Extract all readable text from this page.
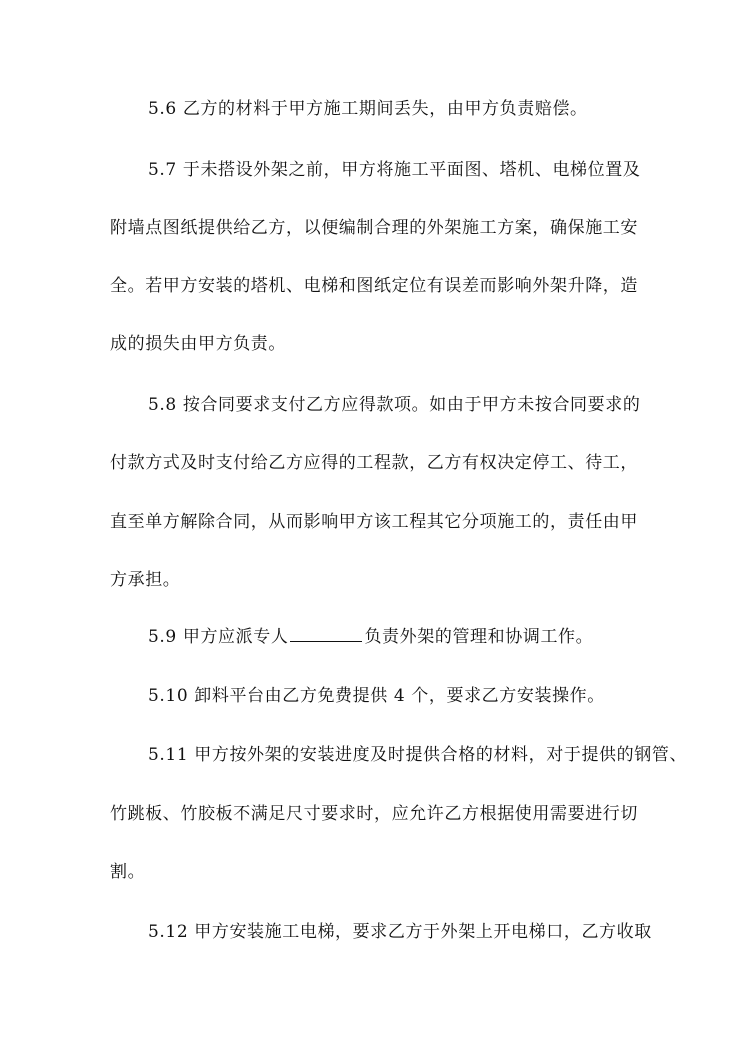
5.6 乙方的材料于甲方施工期间丢失，由甲方负责赔偿。
5.7 于未搭设外架之前，甲方将施工平面图、塔机、电梯位置及
附墙点图纸提供给乙方，以便编制合理的外架施工方案，确保施工安
全。若甲方安装的塔机、电梯和图纸定位有误差而影响外架升降，造
成的损失由甲方负责。
5.8 按合同要求支付乙方应得款项。如由于甲方未按合同要求的
付款方式及时支付给乙方应得的工程款，乙方有权决定停工、待工，
直至单方解除合同，从而影响甲方该工程其它分项施工的，责任由甲
方承担。
5.9 甲方应派专人	负责外架的管理和协调工作。
5.10 卸料平台由乙方免费提供 4 个，要求乙方安装操作。
5.11 甲方按外架的安装进度及时提供合格的材料，对于提供的钢管、
竹跳板、竹胶板不满足尺寸要求时，应允许乙方根据使用需要进行切
割。
5.12 甲方安装施工电梯，要求乙方于外架上开电梯口，乙方收取
